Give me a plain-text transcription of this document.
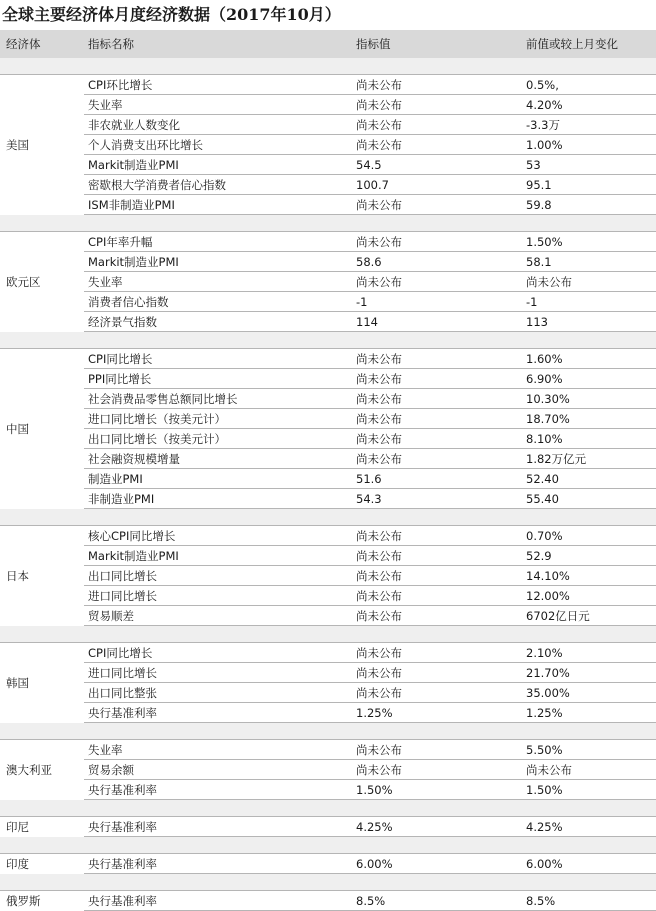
全球主要经济体月度经济数据（2017年10月）
经济体	指标名称	指标值	前值或较上月变化

美国	CPI环比增长	尚未公布	0.5%,
	失业率	尚未公布	4.20%
	非农就业人数变化	尚未公布	-3.3万
	个人消费支出环比增长	尚未公布	1.00%
	Markit制造业PMI	54.5	53
	密歇根大学消费者信心指数	100.7	95.1
	ISM非制造业PMI	尚未公布	59.8

欧元区	CPI年率升幅	尚未公布	1.50%
	Markit制造业PMI	58.6	58.1
	失业率	尚未公布	尚未公布
	消费者信心指数	-1	-1
	经济景气指数	114	113

中国	CPI同比增长	尚未公布	1.60%
	PPI同比增长	尚未公布	6.90%
	社会消费品零售总额同比增长	尚未公布	10.30%
	进口同比增长（按美元计）	尚未公布	18.70%
	出口同比增长（按美元计）	尚未公布	8.10%
	社会融资规模增量	尚未公布	1.82万亿元
	制造业PMI	51.6	52.40
	非制造业PMI	54.3	55.40

日本	核心CPI同比增长	尚未公布	0.70%
	Markit制造业PMI	尚未公布	52.9
	出口同比增长	尚未公布	14.10%
	进口同比增长	尚未公布	12.00%
	贸易顺差	尚未公布	6702亿日元

韩国	CPI同比增长	尚未公布	2.10%
	进口同比增长	尚未公布	21.70%
	出口同比整张	尚未公布	35.00%
	央行基准利率	1.25%	1.25%

澳大利亚	失业率	尚未公布	5.50%
	贸易余额	尚未公布	尚未公布
	央行基准利率	1.50%	1.50%

印尼	央行基准利率	4.25%	4.25%

印度	央行基准利率	6.00%	6.00%

俄罗斯	央行基准利率	8.5%	8.5%
